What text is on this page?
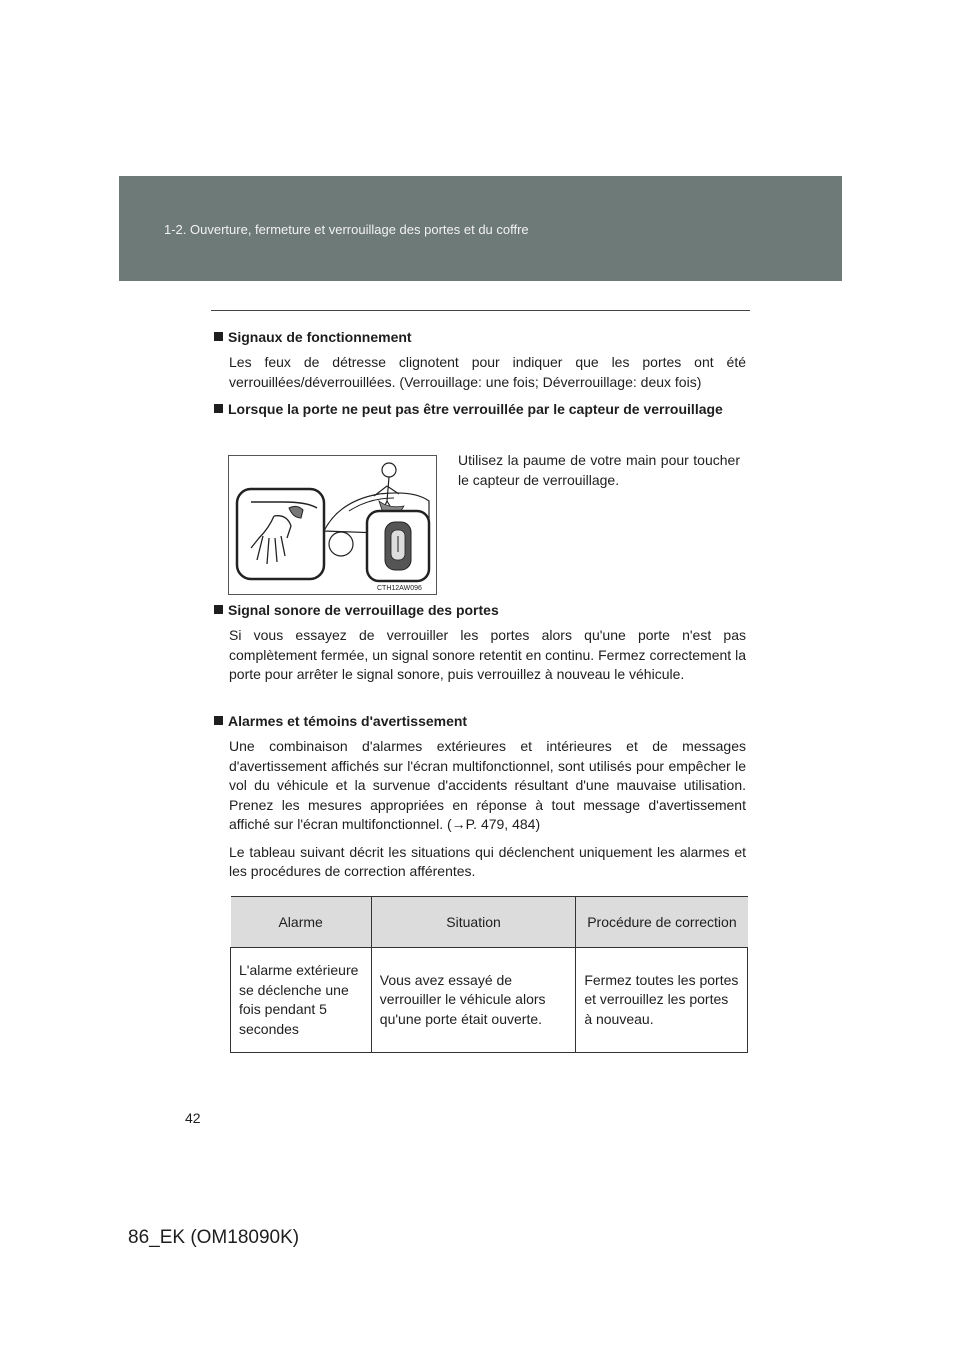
1-2. Ouverture, fermeture et verrouillage des portes et du coffre
Signaux de fonctionnement
Les feux de détresse clignotent pour indiquer que les portes ont été verrouillées/déverrouillées. (Verrouillage: une fois; Déverrouillage: deux fois)
Lorsque la porte ne peut pas être verrouillée par le capteur de verrouillage
CTH12AW096
Utilisez la paume de votre main pour toucher le capteur de verrouillage.
Signal sonore de verrouillage des portes
Si vous essayez de verrouiller les portes alors qu'une porte n'est pas complètement fermée, un signal sonore retentit en continu. Fermez correctement la porte pour arrêter le signal sonore, puis verrouillez à nouveau le véhicule.
Alarmes et témoins d'avertissement
Une combinaison d'alarmes extérieures et intérieures et de messages d'avertissement affichés sur l'écran multifonctionnel, sont utilisés pour empêcher le vol du véhicule et la survenue d'accidents résultant d'une mauvaise utilisation. Prenez les mesures appropriées en réponse à tout message d'avertissement affiché sur l'écran multifonctionnel. (→P. 479, 484)
Le tableau suivant décrit les situations qui déclenchent uniquement les alarmes et les procédures de correction afférentes.
Alarme	Situation	Procédure de correction
L'alarme extérieure se déclenche une fois pendant 5 secondes	Vous avez essayé de verrouiller le véhicule alors qu'une porte était ouverte.	Fermez toutes les portes et verrouillez les portes à nouveau.
42
86_EK (OM18090K)
